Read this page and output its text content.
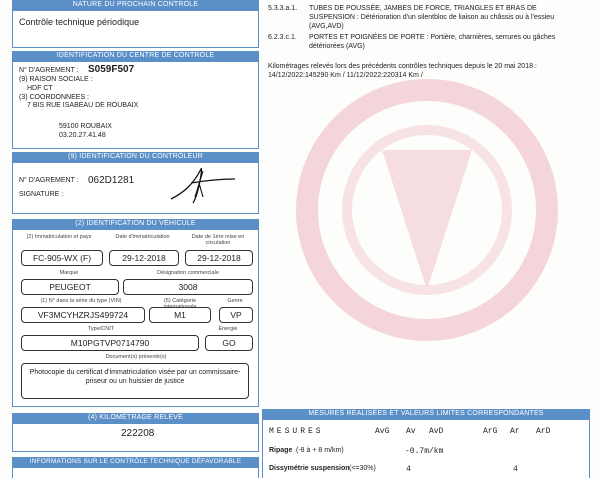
NATURE DU PROCHAIN CONTROLE
Contrôle technique périodique
IDENTIFICATION DU CENTRE DE CONTROLE
N° D'AGREMENT : S059F507
(9) RAISON SOCIALE :
HDF CT
(3) COORDONNEES :
7 BIS RUE ISABEAU DE ROUBAIX
59100 ROUBAIX
03.20.27.41.48
(9) IDENTIFICATION DU CONTRÔLEUR
N° D'AGREMENT : 062D1281
SIGNATURE :
(2) IDENTIFICATION DU VÉHICULE
(2) Immatriculation et pays	Date d'immatriculation	Date de 1ère mise en circulation
FC-905-WX (F)	29-12-2018	29-12-2018
Marque	Désignation commerciale
PEUGEOT	3008
(1) N° dans la série du type (VIN)	(5) Catégorie	Genre
VF3MCYHZRJS499724	M1	VP
Type/CNIT	Énergie
M10PGTVP0714790	GO
Document(s) présenté(s)
Photocopie du certificat d'immatriculation visée par un commissaire-priseur ou un huissier de justice
(4) KILOMÉTRAGE RELEVÉ
222208
INFORMATIONS SUR LE CONTRÔLE TECHNIQUE DÉFAVORABLE
5.3.3.a.1. TUBES DE POUSSÉE, JAMBES DE FORCE, TRIANGLES ET BRAS DE SUSPENSION : Détérioration d'un silentbloc de liaison au châssis ou à l'essieu (AVG,AVD)
6.2.3.c.1. PORTES ET POIGNÉES DE PORTE : Portière, charnières, serrures ou gâches détériorées (AVG)
Kilométrages relevés lors des précédents contrôles techniques depuis le 20 mai 2018 :
14/12/2022:145290 Km / 11/12/2022:220314 Km /
MESURES RÉALISÉES ET VALEURS LIMITES CORRESPONDANTES
MESURES	AvG Av AvD	ArG Ar ArD
Ripage (-8 à + 8 m/km)	-0.7m/km
Dissymétrie suspension (<=30%)	4	4
